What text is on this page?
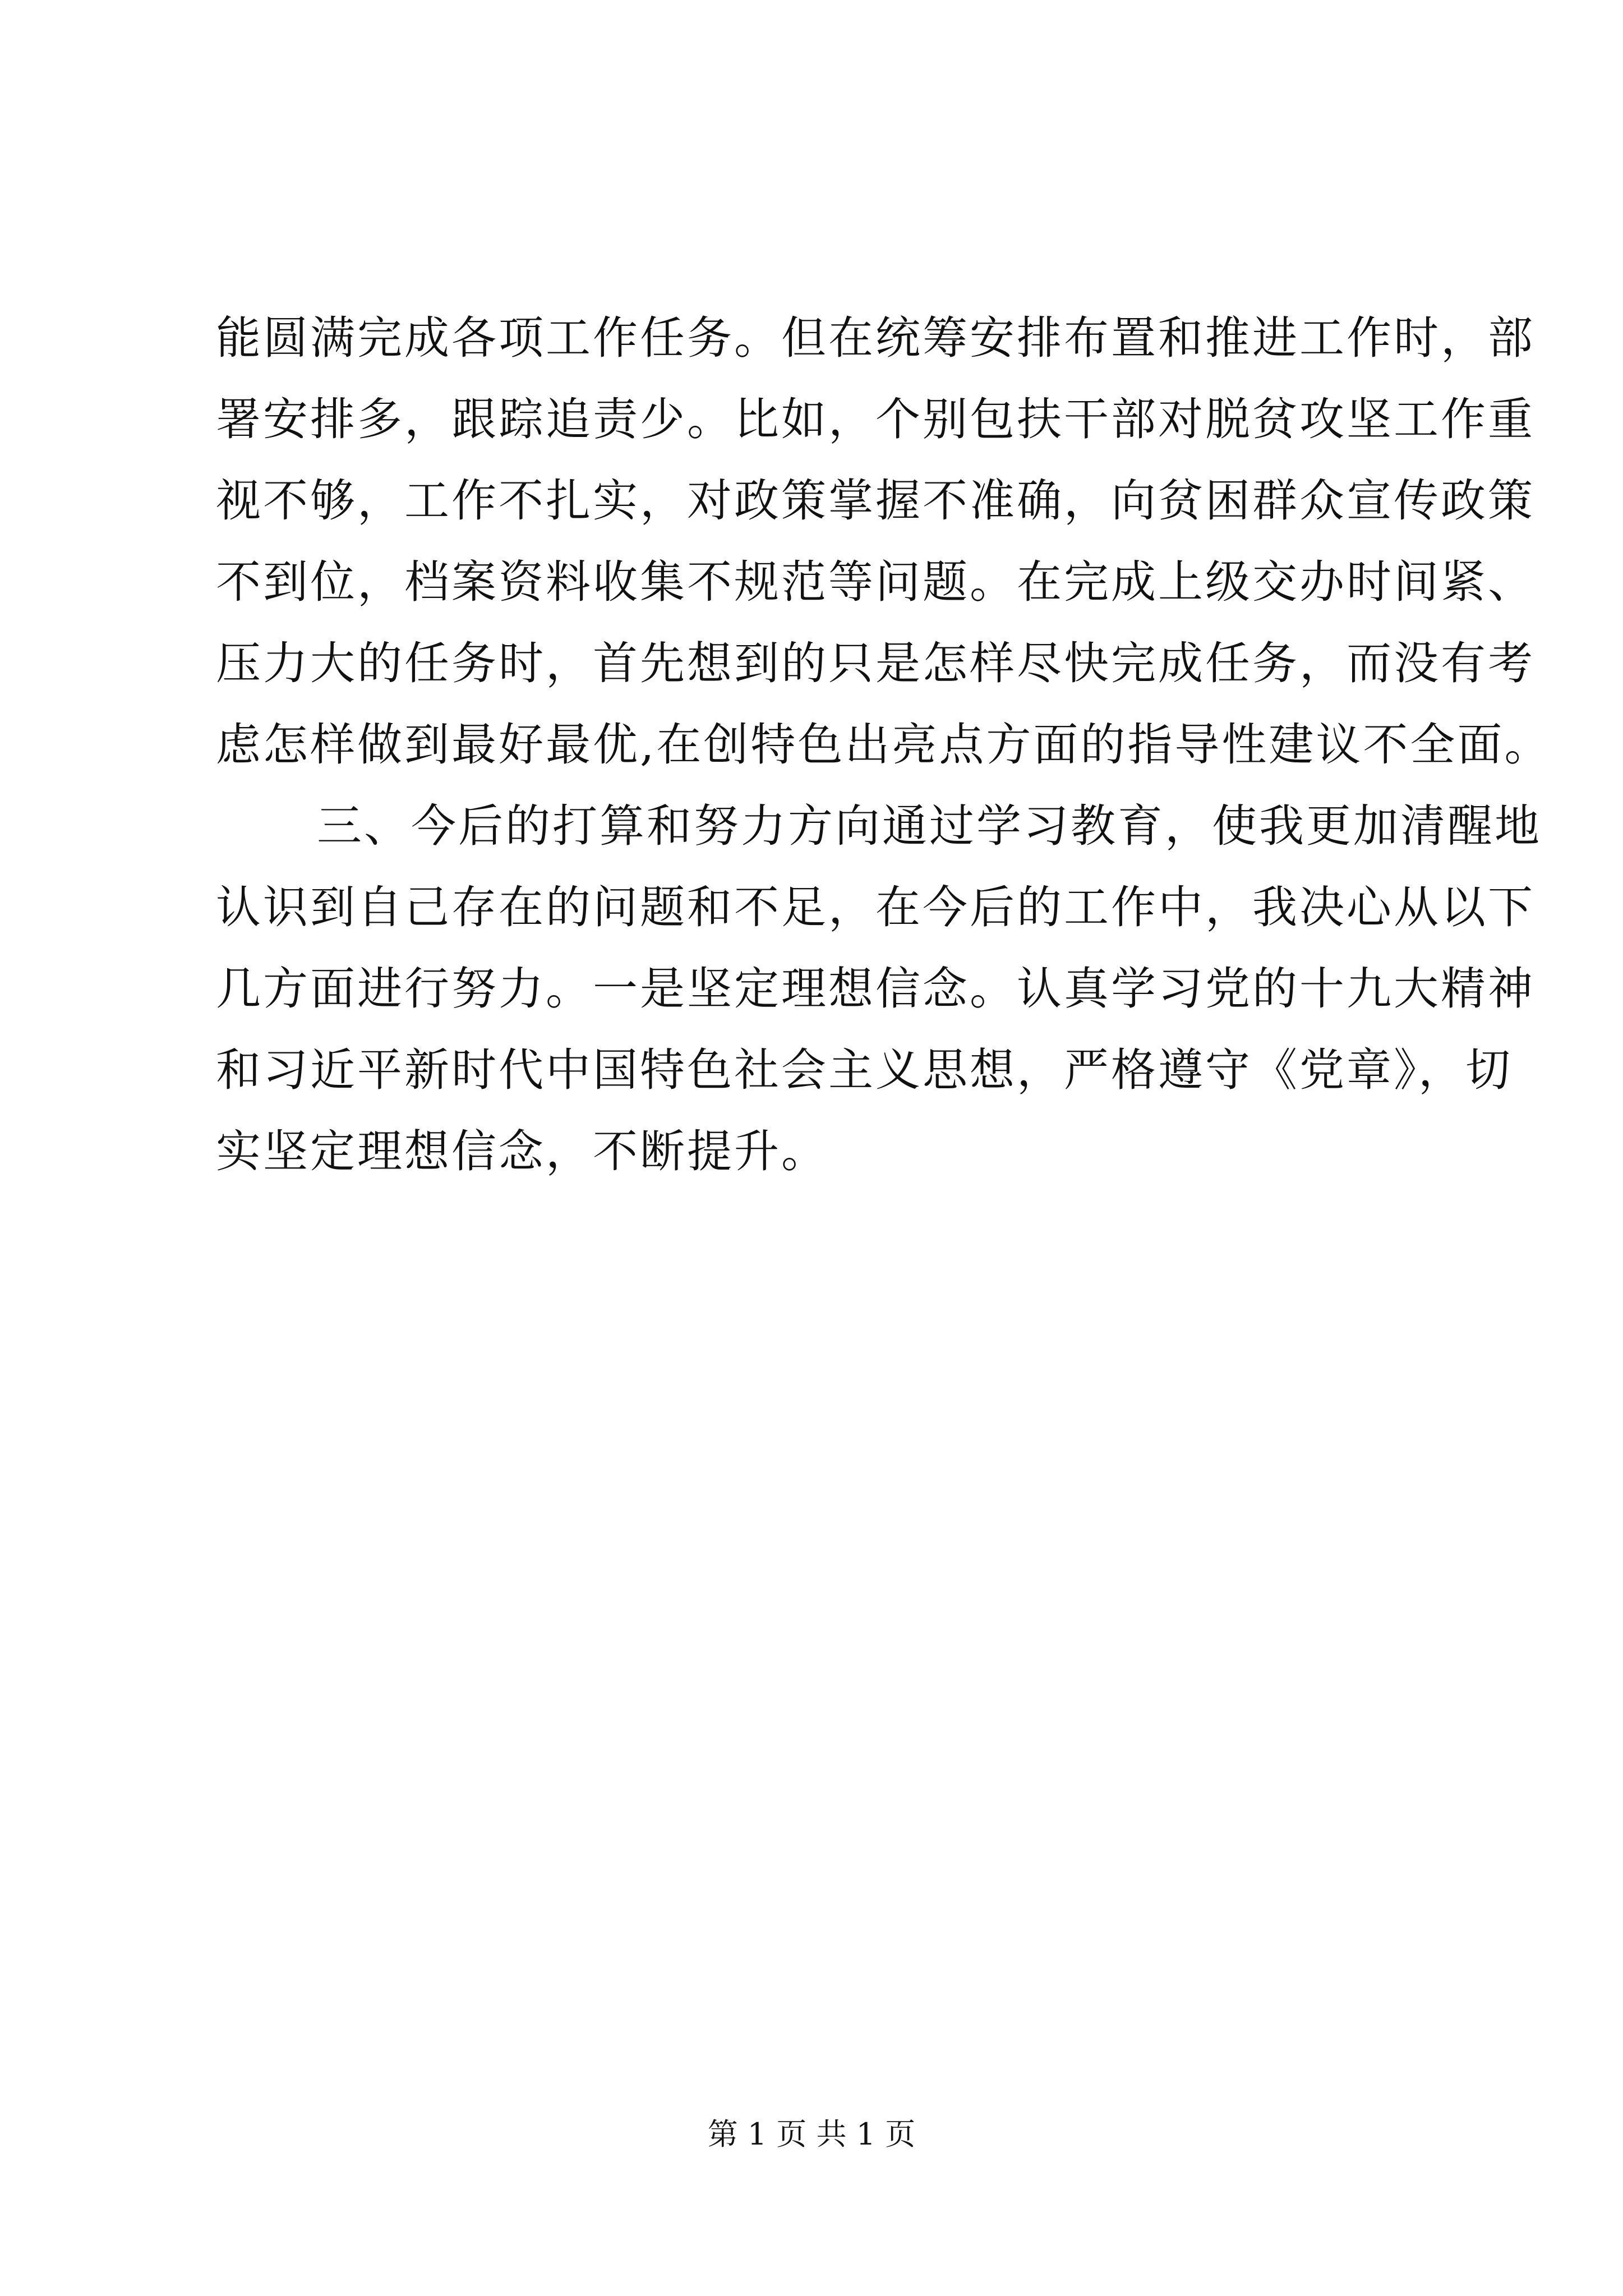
能圆满完成各项工作任务。但在统筹安排布置和推进工作时，部
署安排多，跟踪追责少。比如，个别包扶干部对脱贫攻坚工作重
视不够，工作不扎实，对政策掌握不准确，向贫困群众宣传政策
不到位，档案资料收集不规范等问题。在完成上级交办时间紧、
压力大的任务时，首先想到的只是怎样尽快完成任务，而没有考
虑怎样做到最好最优,在创特色出亮点方面的指导性建议不全面。
三、今后的打算和努力方向通过学习教育，使我更加清醒地
认识到自己存在的问题和不足，在今后的工作中，我决心从以下
几方面进行努力。一是坚定理想信念。认真学习党的十九大精神
和习近平新时代中国特色社会主义思想，严格遵守《党章》，切
实坚定理想信念，不断提升。
第 1 页 共 1 页
